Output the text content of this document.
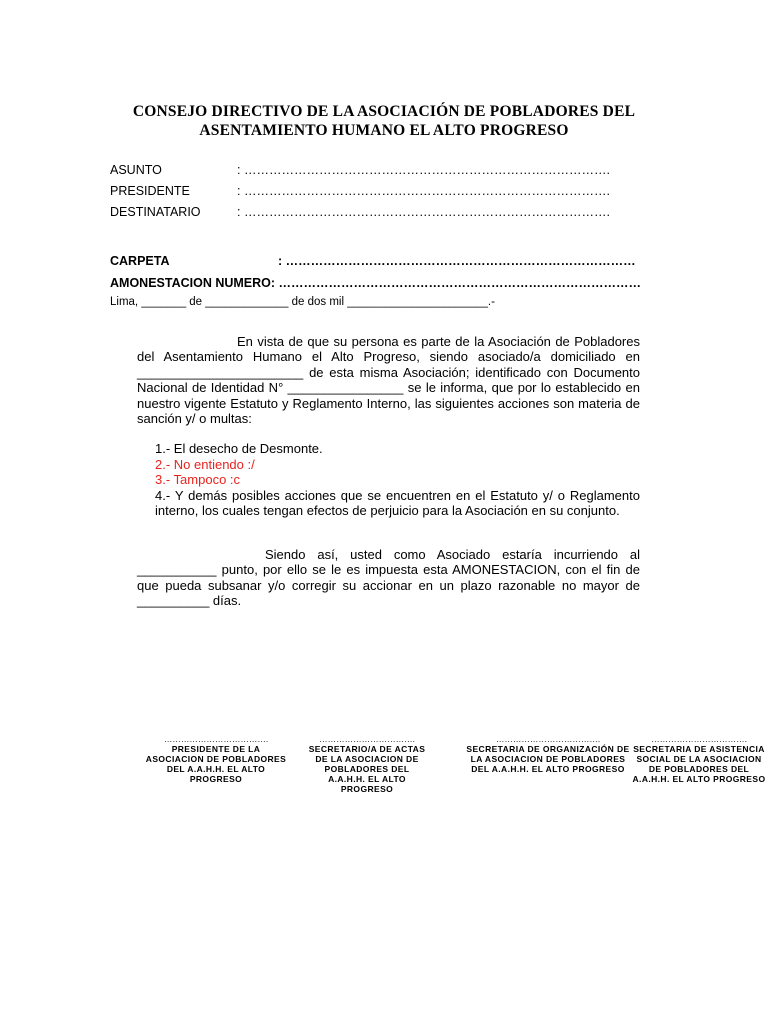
CONSEJO DIRECTIVO DE LA ASOCIACIÓN DE POBLADORES DEL
ASENTAMIENTO HUMANO EL ALTO PROGRESO
ASUNTO	: …………………………………………………………………………….
PRESIDENTE	: …………………………………………………………………………….
DESTINATARIO	: …………………………………………………………………………….
CARPETA	: …………………………………………………………………………
AMONESTACION NUMERO: ……………………………………………………………………………
Lima, _______ de _____________ de dos mil ______________________.-
En vista de que su persona es parte de la Asociación de Pobladores del Asentamiento Humano el Alto Progreso, siendo asociado/a domiciliado en _______________________ de esta misma Asociación; identificado con Documento Nacional de Identidad N° ________________ se le informa, que por lo establecido en nuestro vigente Estatuto y Reglamento Interno, las siguientes acciones son materia de sanción y/ o multas:
1.- El desecho de Desmonte.
2.- No entiendo :/
3.- Tampoco :c
4.- Y demás posibles acciones que se encuentren en el Estatuto y/ o Reglamento interno, los cuales tengan efectos de perjuicio para la Asociación en su conjunto.
Siendo así, usted como Asociado estaría incurriendo al ___________ punto, por ello se le es impuesta esta AMONESTACION, con el fin de que pueda subsanar y/o corregir su accionar en un plazo razonable no mayor de __________ días.
……………………………….
PRESIDENTE DE LA ASOCIACION DE POBLADORES DEL A.A.H.H. EL ALTO PROGRESO
…………………………….
SECRETARIO/A DE ACTAS DE LA ASOCIACION DE POBLADORES DEL A.A.H.H. EL ALTO PROGRESO
……………………………….
SECRETARIA DE ORGANIZACIÓN DE LA ASOCIACION DE POBLADORES DEL A.A.H.H. EL ALTO PROGRESO
…………………………….
SECRETARIA DE ASISTENCIA SOCIAL DE LA ASOCIACION DE POBLADORES DEL A.A.H.H. EL ALTO PROGRESO
